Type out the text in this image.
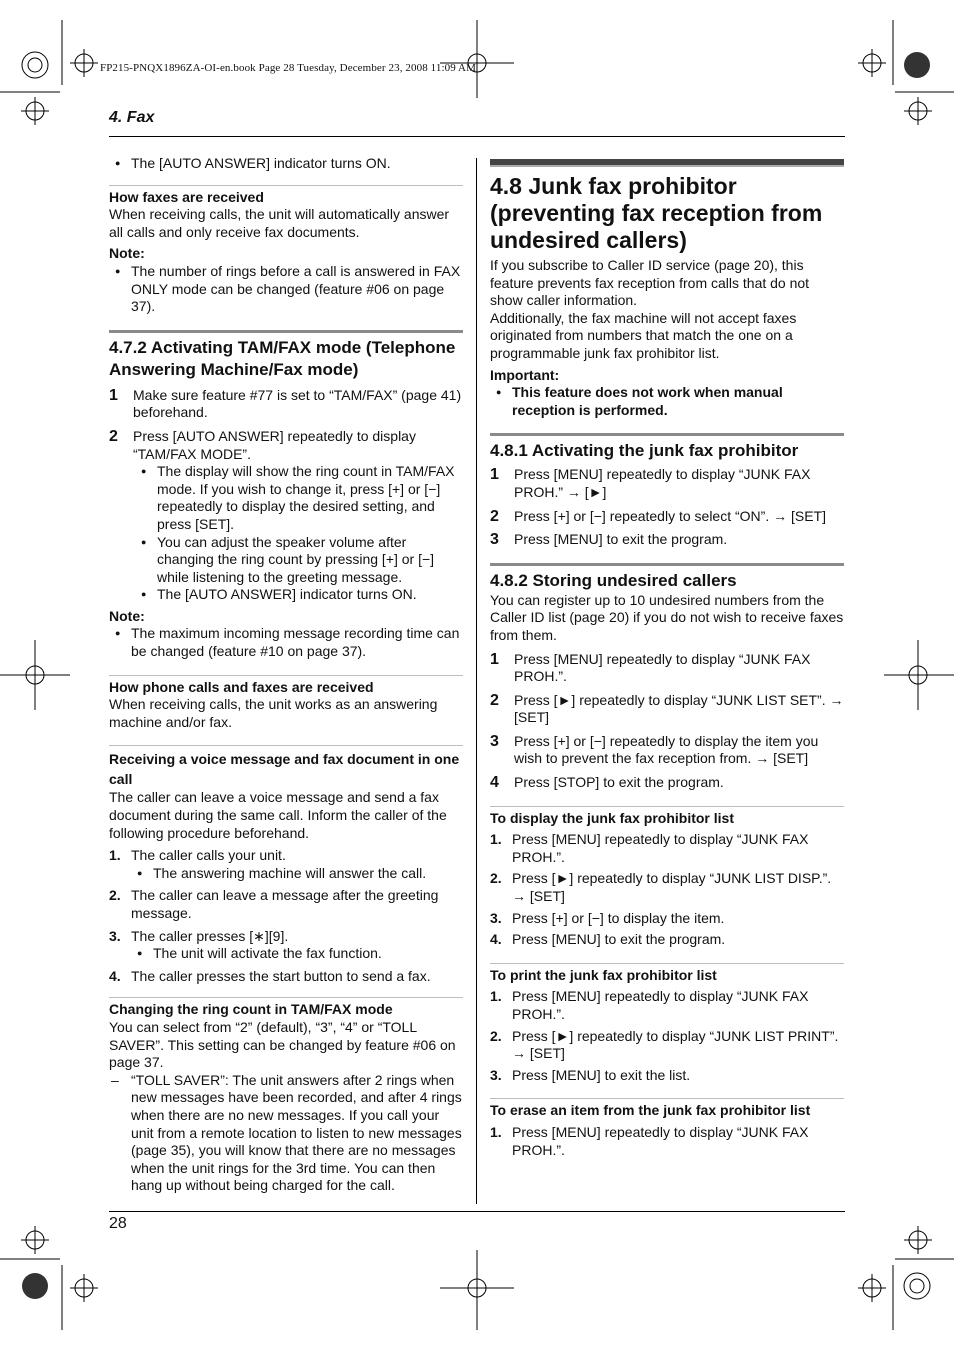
FP215-PNQX1896ZA-OI-en.book Page 28 Tuesday, December 23, 2008 11:09 AM
4. Fax
28

● The [AUTO ANSWER] indicator turns ON.

How faxes are received

When receiving calls, the unit will automatically answer all calls and only receive fax documents.

Note:

● The number of rings before a call is answered in FAX ONLY mode can be changed (feature #06 on page 37).

4.7.2 Activating TAM/FAX mode (Telephone Answering Machine/Fax mode)

1 Make sure feature #77 is set to “TAM/FAX” (page 41) beforehand.
2 Press [AUTO ANSWER] repeatedly to display “TAM/FAX MODE”.

● The display will show the ring count in TAM/FAX mode. If you wish to change it, press [+] or [−] repeatedly to display the desired setting, and press [SET].

● You can adjust the speaker volume after changing the ring count by pressing [+] or [−] while listening to the greeting message.

● The [AUTO ANSWER] indicator turns ON.

Note:

● The maximum incoming message recording time can be changed (feature #10 on page 37).

How phone calls and faxes are received

When receiving calls, the unit works as an answering machine and/or fax.

Receiving a voice message and fax document in one call

The caller can leave a voice message and send a fax document during the same call. Inform the caller of the following procedure beforehand.

1. The caller calls your unit.

● The answering machine will answer the call.

2. The caller can leave a message after the greeting message.
3. The caller presses [∗][9].

● The unit will activate the fax function.

4. The caller presses the start button to send a fax.

Changing the ring count in TAM/FAX mode

You can select from “2” (default), “3”, “4” or “TOLL SAVER”. This setting can be changed by feature #06 on page 37.

– “TOLL SAVER”: The unit answers after 2 rings when new messages have been recorded, and after 4 rings when there are no new messages. If you call your unit from a remote location to listen to new messages (page 35), you will know that there are no messages when the unit rings for the 3rd time. You can then hang up without being charged for the call.

4.8 Junk fax prohibitor (preventing fax reception from undesired callers)

If you subscribe to Caller ID service (page 20), this feature prevents fax reception from calls that do not show caller information.

Additionally, the fax machine will not accept faxes originated from numbers that match the one on a programmable junk fax prohibitor list.

Important:

● This feature does not work when manual reception is performed.

4.8.1 Activating the junk fax prohibitor

1 Press [MENU] repeatedly to display “JUNK FAX PROH.” → [►]
2 Press [+] or [−] repeatedly to select “ON”. → [SET]
3 Press [MENU] to exit the program.

4.8.2 Storing undesired callers

You can register up to 10 undesired numbers from the Caller ID list (page 20) if you do not wish to receive faxes from them.

1 Press [MENU] repeatedly to display “JUNK FAX PROH.”.
2 Press [►] repeatedly to display “JUNK LIST SET”. → [SET]
3 Press [+] or [−] repeatedly to display the item you wish to prevent the fax reception from. → [SET]
4 Press [STOP] to exit the program.

To display the junk fax prohibitor list

1. Press [MENU] repeatedly to display “JUNK FAX PROH.”.
2. Press [►] repeatedly to display “JUNK LIST DISP.”. → [SET]
3. Press [+] or [−] to display the item.
4. Press [MENU] to exit the program.

To print the junk fax prohibitor list

1. Press [MENU] repeatedly to display “JUNK FAX PROH.”.
2. Press [►] repeatedly to display “JUNK LIST PRINT”. → [SET]
3. Press [MENU] to exit the list.

To erase an item from the junk fax prohibitor list

1. Press [MENU] repeatedly to display “JUNK FAX PROH.”.
